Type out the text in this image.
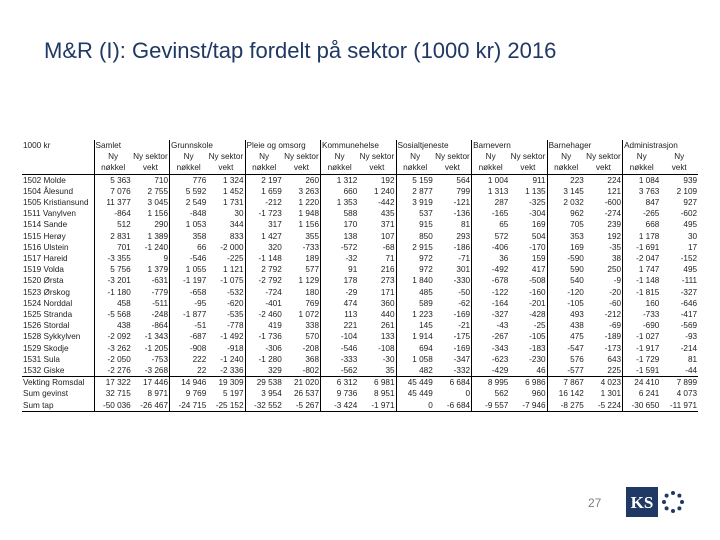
M&R (I): Gevinst/tap fordelt på sektor (1000 kr) 2016
1000 kr	Samlet		Grunnskole		Pleie og omsorg		Kommunehelse		Sosialtjeneste		Barnevern		Barnehager		Administrasjon	
	Ny	Ny sektor	Ny	Ny sektor	Ny	Ny sektor	Ny	Ny sektor	Ny	Ny sektor	Ny	Ny sektor	Ny	Ny sektor	Ny	Ny
	nøkkel	vekt	nøkkel	vekt	nøkkel	vekt	nøkkel	vekt	nøkkel	vekt	nøkkel	vekt	nøkkel	vekt	nøkkel	vekt
1502 Molde	5 363	710	776	1 324	2 197	260	1 312	192	5 159	564	1 004	911	223	224	1 084	939
1504 Ålesund	7 076	2 755	5 592	1 452	1 659	3 263	660	1 240	2 877	799	1 313	1 135	3 145	121	3 763	2 109
1505 Kristiansund	11 377	3 045	2 549	1 731	-212	1 220	1 353	-442	3 919	-121	287	-325	2 032	-600	847	927
1511 Vanylven	-864	1 156	-848	30	-1 723	1 948	588	435	537	-136	-165	-304	962	-274	-265	-602
1514 Sande	512	290	1 053	344	317	1 156	170	371	915	81	65	169	705	239	668	495
1515 Herøy	2 831	1 389	358	833	1 427	355	138	107	850	293	572	504	353	192	1 178	30
1516 Ulstein	701	-1 240	66	-2 000	320	-733	-572	-68	2 915	-186	-406	-170	169	-35	-1 691	17
1517 Hareid	-3 355	9	-546	-225	-1 148	189	-32	71	972	-71	36	159	-590	38	-2 047	-152
1519 Volda	5 756	1 379	1 055	1 121	2 792	577	91	216	972	301	-492	417	590	250	1 747	495
1520 Ørsta	-3 201	-631	-1 197	-1 075	-2 792	1 129	178	273	1 840	-330	-678	-508	540	-9	-1 148	-111
1523 Ørskog	-1 180	-779	-658	-532	-724	180	-29	171	485	-50	-122	-160	-120	-20	-1 815	-327
1524 Norddal	458	-511	-95	-620	-401	769	474	360	589	-62	-164	-201	-105	-60	160	-646
1525 Stranda	-5 568	-248	-1 877	-535	-2 460	1 072	113	440	1 223	-169	-327	-428	493	-212	-733	-417
1526 Stordal	438	-864	-51	-778	419	338	221	261	145	-21	-43	-25	438	-69	-690	-569
1528 Sykkylven	-2 092	-1 343	-687	-1 492	-1 736	570	-104	133	1 914	-175	-267	-105	475	-189	-1 027	-93
1529 Skodje	-3 262	-1 205	-908	-918	-306	-208	-546	-108	694	-169	-343	-183	-547	-173	-1 917	-214
1531 Sula	-2 050	-753	222	-1 240	-1 280	368	-333	-30	1 058	-347	-623	-230	576	643	-1 729	81
1532 Giske	-2 276	-3 268	22	-2 336	329	-802	-562	35	482	-332	-429	46	-577	225	-1 591	-44
Vekting Romsdal	17 322	17 446	14 946	19 309	29 538	21 020	6 312	6 981	45 449	6 684	8 995	6 986	7 867	4 023	24 410	7 899
Sum gevinst	32 715	8 971	9 769	5 197	3 954	26 537	9 736	8 951	45 449	0	562	960	16 142	1 301	6 241	4 073
Sum tap	-50 036	-26 467	-24 715	-25 152	-32 552	-5 267	-3 424	-1 971	0	-6 684	-9 557	-7 946	-8 275	-5 224	-30 650	-11 971
27 KS
